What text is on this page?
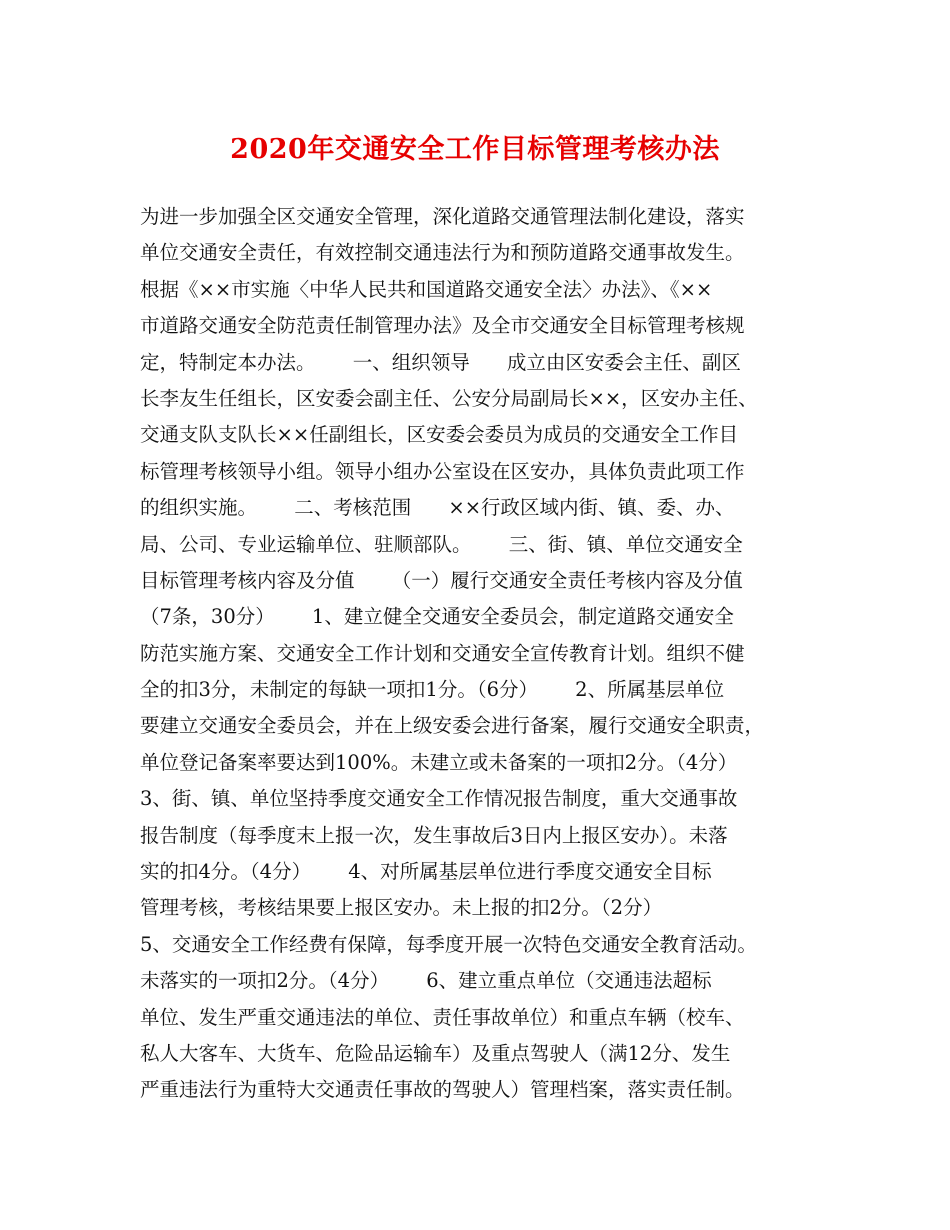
2020年交通安全工作目标管理考核办法
为进一步加强全区交通安全管理，深化道路交通管理法制化建设，落实
单位交通安全责任，有效控制交通违法行为和预防道路交通事故发生。
根据《××市实施〈中华人民共和国道路交通安全法〉办法》、《××
市道路交通安全防范责任制管理办法》及全市交通安全目标管理考核规
定，特制定本办法。      一、组织领导      成立由区安委会主任、副区
长李友生任组长，区安委会副主任、公安分局副局长××，区安办主任、
交通支队支队长××任副组长，区安委会委员为成员的交通安全工作目
标管理考核领导小组。领导小组办公室设在区安办，具体负责此项工作
的组织实施。      二、考核范围      ××行政区域内街、镇、委、办、
局、公司、专业运输单位、驻顺部队。      三、街、镇、单位交通安全
目标管理考核内容及分值      （一）履行交通安全责任考核内容及分值
（7条，30分）      1、建立健全交通安全委员会，制定道路交通安全
防范实施方案、交通安全工作计划和交通安全宣传教育计划。组织不健
全的扣3分，未制定的每缺一项扣1分。（6分）      2、所属基层单位
要建立交通安全委员会，并在上级安委会进行备案，履行交通安全职责，
单位登记备案率要达到100%。未建立或未备案的一项扣2分。（4分）
3、街、镇、单位坚持季度交通安全工作情况报告制度，重大交通事故
报告制度（每季度末上报一次，发生事故后3日内上报区安办）。未落
实的扣4分。（4分）      4、对所属基层单位进行季度交通安全目标
管理考核，考核结果要上报区安办。未上报的扣2分。（2分）
5、交通安全工作经费有保障，每季度开展一次特色交通安全教育活动。
未落实的一项扣2分。（4分）      6、建立重点单位（交通违法超标
单位、发生严重交通违法的单位、责任事故单位）和重点车辆（校车、
私人大客车、大货车、危险品运输车）及重点驾驶人（满12分、发生
严重违法行为重特大交通责任事故的驾驶人）管理档案，落实责任制。
